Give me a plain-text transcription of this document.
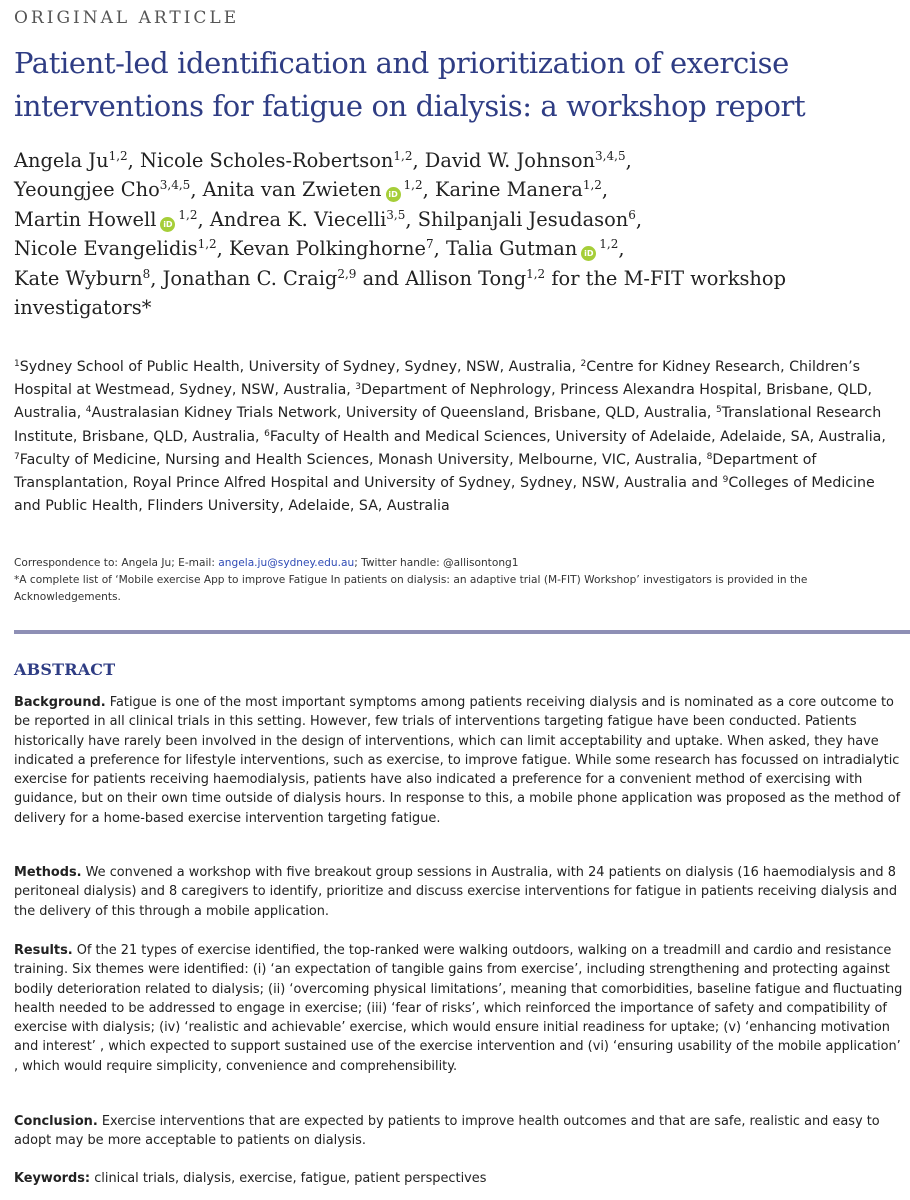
ORIGINAL ARTICLE
Patient-led identification and prioritization of exercise interventions for fatigue on dialysis: a workshop report
Angela Ju$^{1,2}$, Nicole Scholes-Robertson$^{1,2}$, David W. Johnson$^{3,4,5}$,
Yeoungjee Cho$^{3,4,5}$, Anita van Zwieten iD$^{1,2}$, Karine Manera$^{1,2}$,
Martin Howell iD$^{1,2}$, Andrea K. Viecelli$^{3,5}$, Shilpanjali Jesudason$^6$,
Nicole Evangelidis$^{1,2}$, Kevan Polkinghorne$^7$, Talia Gutman iD$^{1,2}$,
Kate Wyburn$^8$, Jonathan C. Craig$^{2,9}$ and Allison Tong$^{1,2}$ for the M-FIT workshop investigators*
$^1$Sydney School of Public Health, University of Sydney, Sydney, NSW, Australia, $^2$Centre for Kidney Research, Children’s Hospital at Westmead, Sydney, NSW, Australia, $^3$Department of Nephrology, Princess Alexandra Hospital, Brisbane, QLD, Australia, $^4$Australasian Kidney Trials Network, University of Queensland, Brisbane, QLD, Australia, $^5$Translational Research Institute, Brisbane, QLD, Australia, $^6$Faculty of Health and Medical Sciences, University of Adelaide, Adelaide, SA, Australia, $^7$Faculty of Medicine, Nursing and Health Sciences, Monash University, Melbourne, VIC, Australia, $^8$Department of Transplantation, Royal Prince Alfred Hospital and University of Sydney, Sydney, NSW, Australia and $^9$Colleges of Medicine and Public Health, Flinders University, Adelaide, SA, Australia
Correspondence to: Angela Ju; E-mail: angela.ju@sydney.edu.au; Twitter handle: @allisontong1
*A complete list of ‘Mobile exercise App to improve Fatigue In patients on dialysis: an adaptive trial (M-FIT) Workshop’ investigators is provided in the Acknowledgements.
ABSTRACT

Background. Fatigue is one of the most important symptoms among patients receiving dialysis and is nominated as a core outcome to be reported in all clinical trials in this setting. However, few trials of interventions targeting fatigue have been conducted. Patients historically have rarely been involved in the design of interventions, which can limit acceptability and uptake. When asked, they have indicated a preference for lifestyle interventions, such as exercise, to improve fatigue. While some research has focussed on intradialytic exercise for patients receiving haemodialysis, patients have also indicated a preference for a convenient method of exercising with guidance, but on their own time outside of dialysis hours. In response to this, a mobile phone application was proposed as the method of delivery for a home-based exercise intervention targeting fatigue.

Methods. We convened a workshop with five breakout group sessions in Australia, with 24 patients on dialysis (16 haemodialysis and 8 peritoneal dialysis) and 8 caregivers to identify, prioritize and discuss exercise interventions for fatigue in patients receiving dialysis and the delivery of this through a mobile application.

Results. Of the 21 types of exercise identified, the top-ranked were walking outdoors, walking on a treadmill and cardio and resistance training. Six themes were identified: (i) ‘an expectation of tangible gains from exercise’, including strengthening and protecting against bodily deterioration related to dialysis; (ii) ‘overcoming physical limitations’, meaning that comorbidities, baseline fatigue and fluctuating health needed to be addressed to engage in exercise; (iii) ‘fear of risks’, which reinforced the importance of safety and compatibility of exercise with dialysis; (iv) ‘realistic and achievable’ exercise, which would ensure initial readiness for uptake; (v) ‘enhancing motivation and interest’ , which expected to support sustained use of the exercise intervention and (vi) ‘ensuring usability of the mobile application’ , which would require simplicity, convenience and comprehensibility.

Conclusion. Exercise interventions that are expected by patients to improve health outcomes and that are safe, realistic and easy to adopt may be more acceptable to patients on dialysis.

Keywords: clinical trials, dialysis, exercise, fatigue, patient perspectives
